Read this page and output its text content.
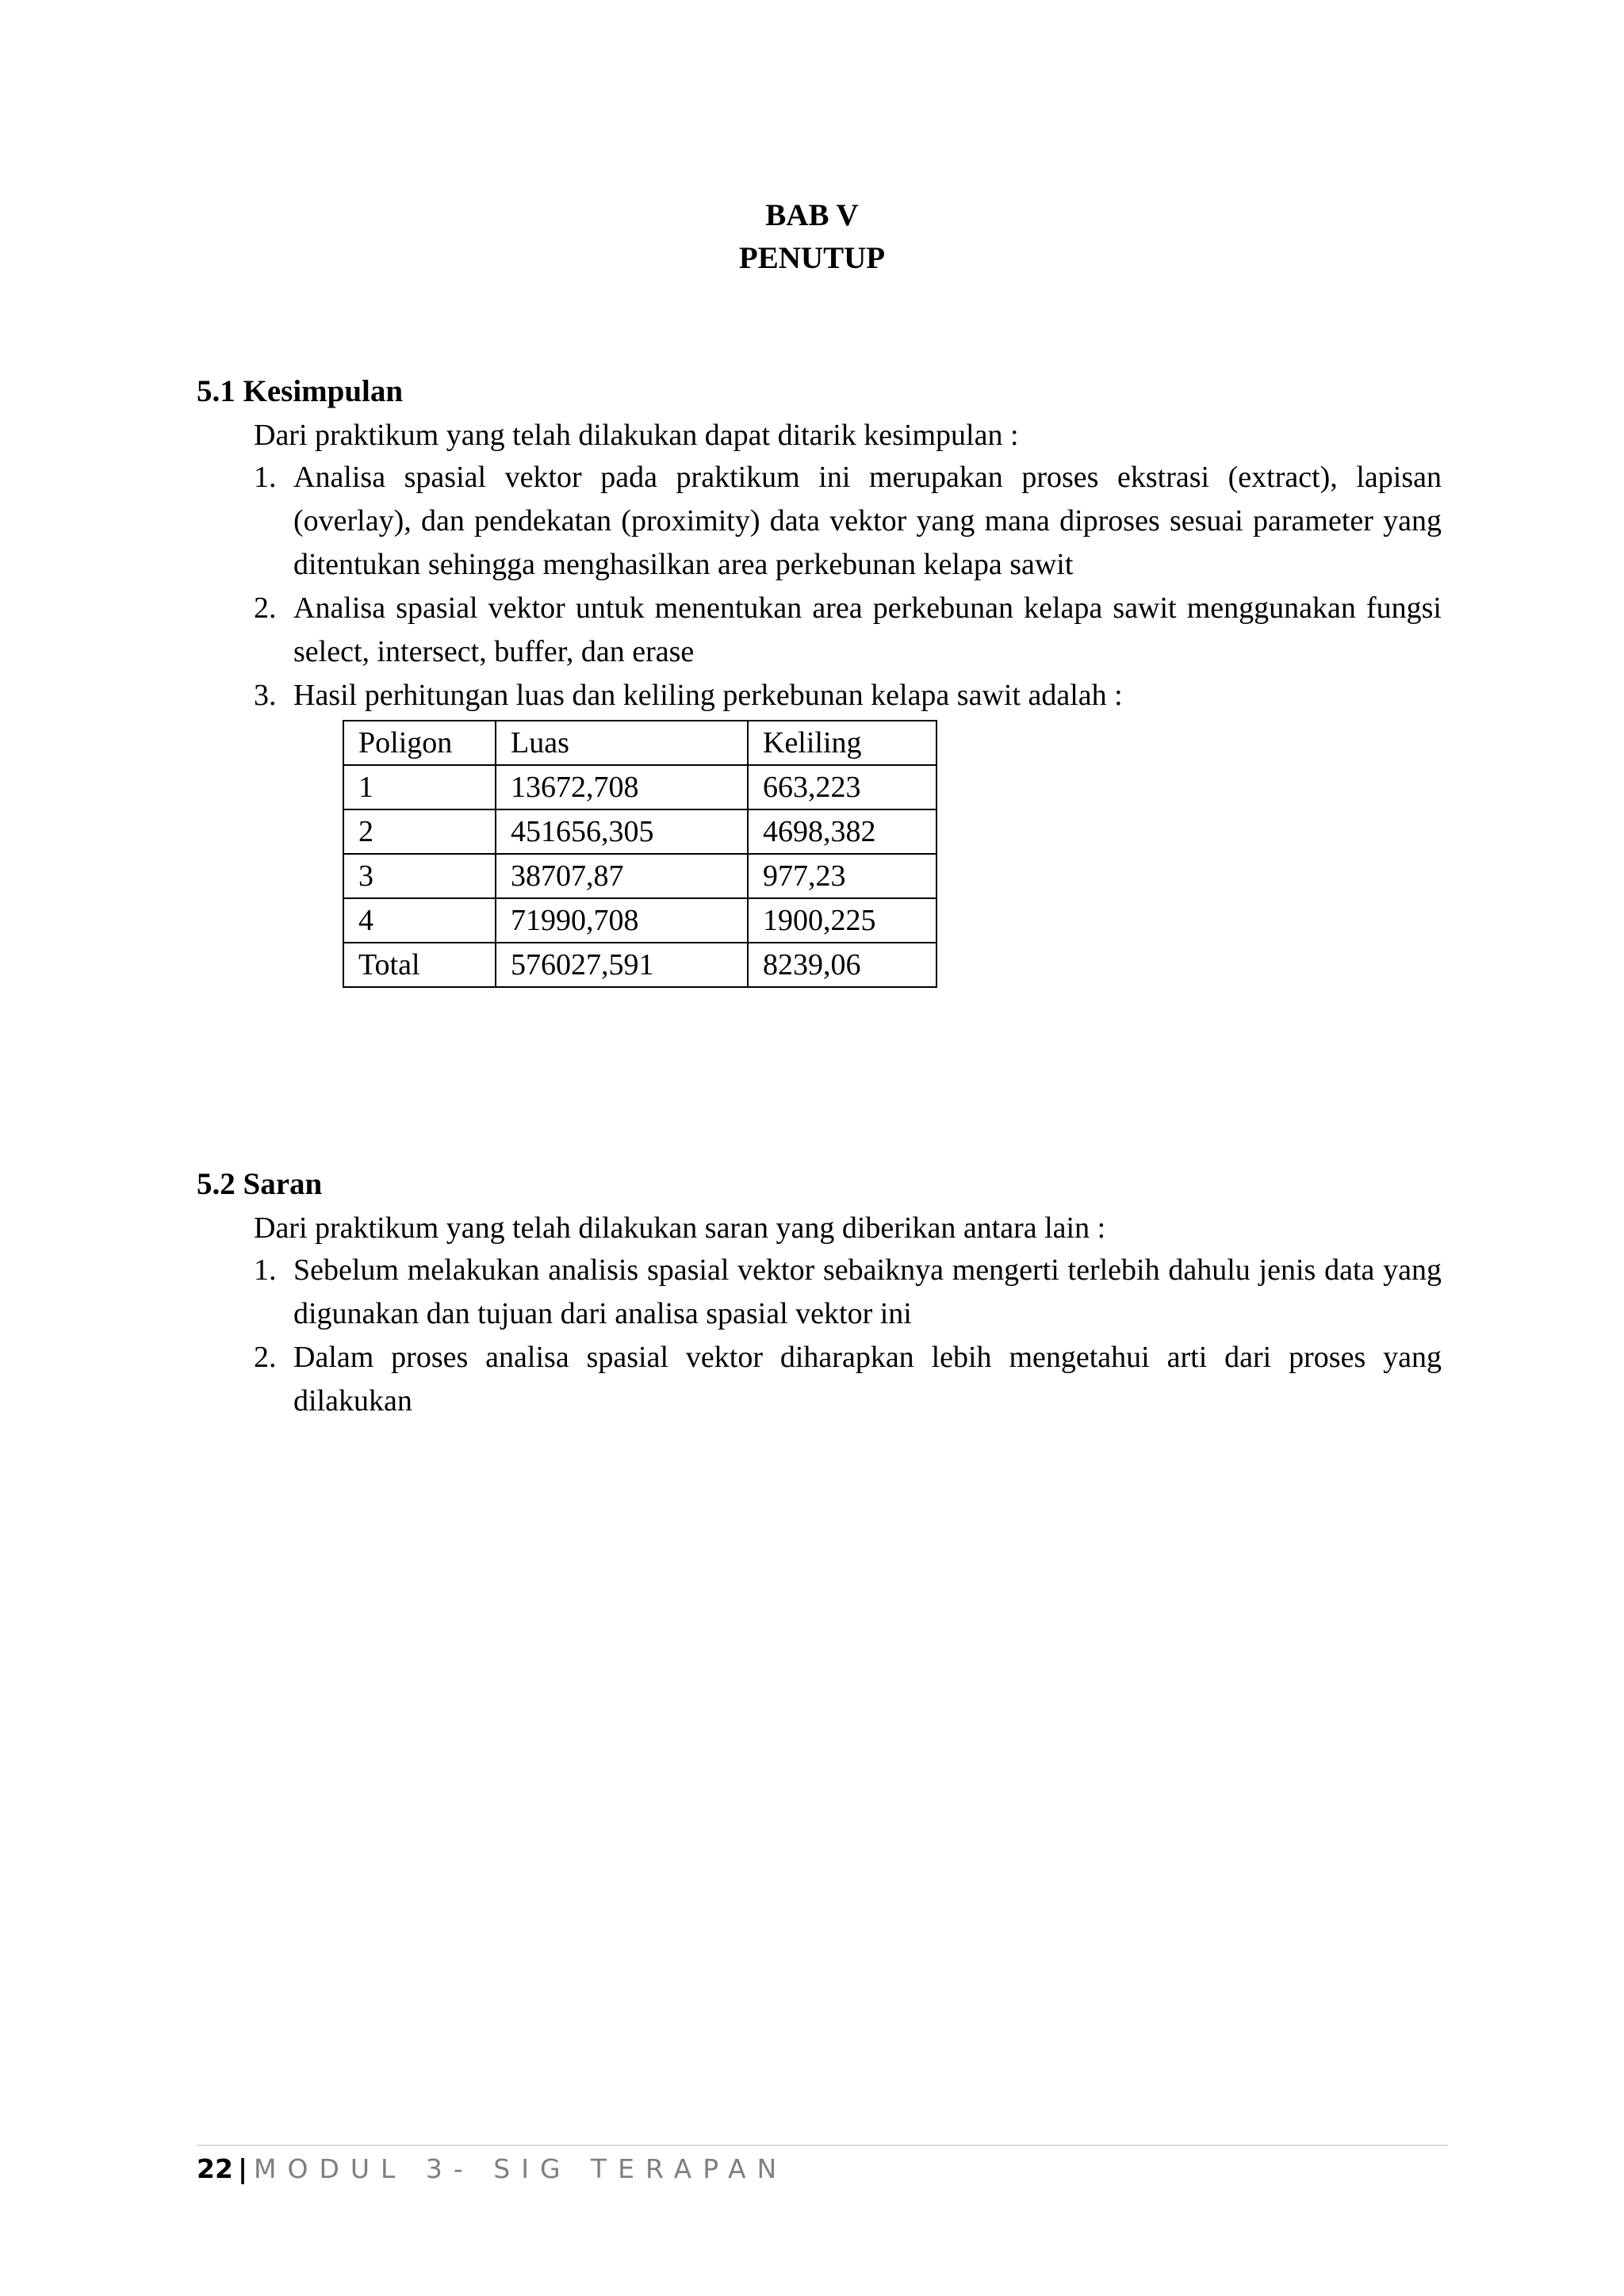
BAB V
PENUTUP
5.1 Kesimpulan

Dari praktikum yang telah dilakukan dapat ditarik kesimpulan :

1. Analisa spasial vektor pada praktikum ini merupakan proses ekstrasi (extract), lapisan (overlay), dan pendekatan (proximity) data vektor yang mana diproses sesuai parameter yang ditentukan sehingga menghasilkan area perkebunan kelapa sawit
2. Analisa spasial vektor untuk menentukan area perkebunan kelapa sawit menggunakan fungsi select, intersect, buffer, dan erase
3. Hasil perhitungan luas dan keliling perkebunan kelapa sawit adalah :
Poligon	Luas	Keliling
1	13672,708	663,223
2	451656,305	4698,382
3	38707,87	977,23
4	71990,708	1900,225
Total	576027,591	8239,06
5.2 Saran

Dari praktikum yang telah dilakukan saran yang diberikan antara lain :

1. Sebelum melakukan analisis spasial vektor sebaiknya mengerti terlebih dahulu jenis data yang digunakan dan tujuan dari analisa spasial vektor ini
2. Dalam proses analisa spasial vektor diharapkan lebih mengetahui arti dari proses yang dilakukan
22 | MODUL 3- SIG TERAPAN
